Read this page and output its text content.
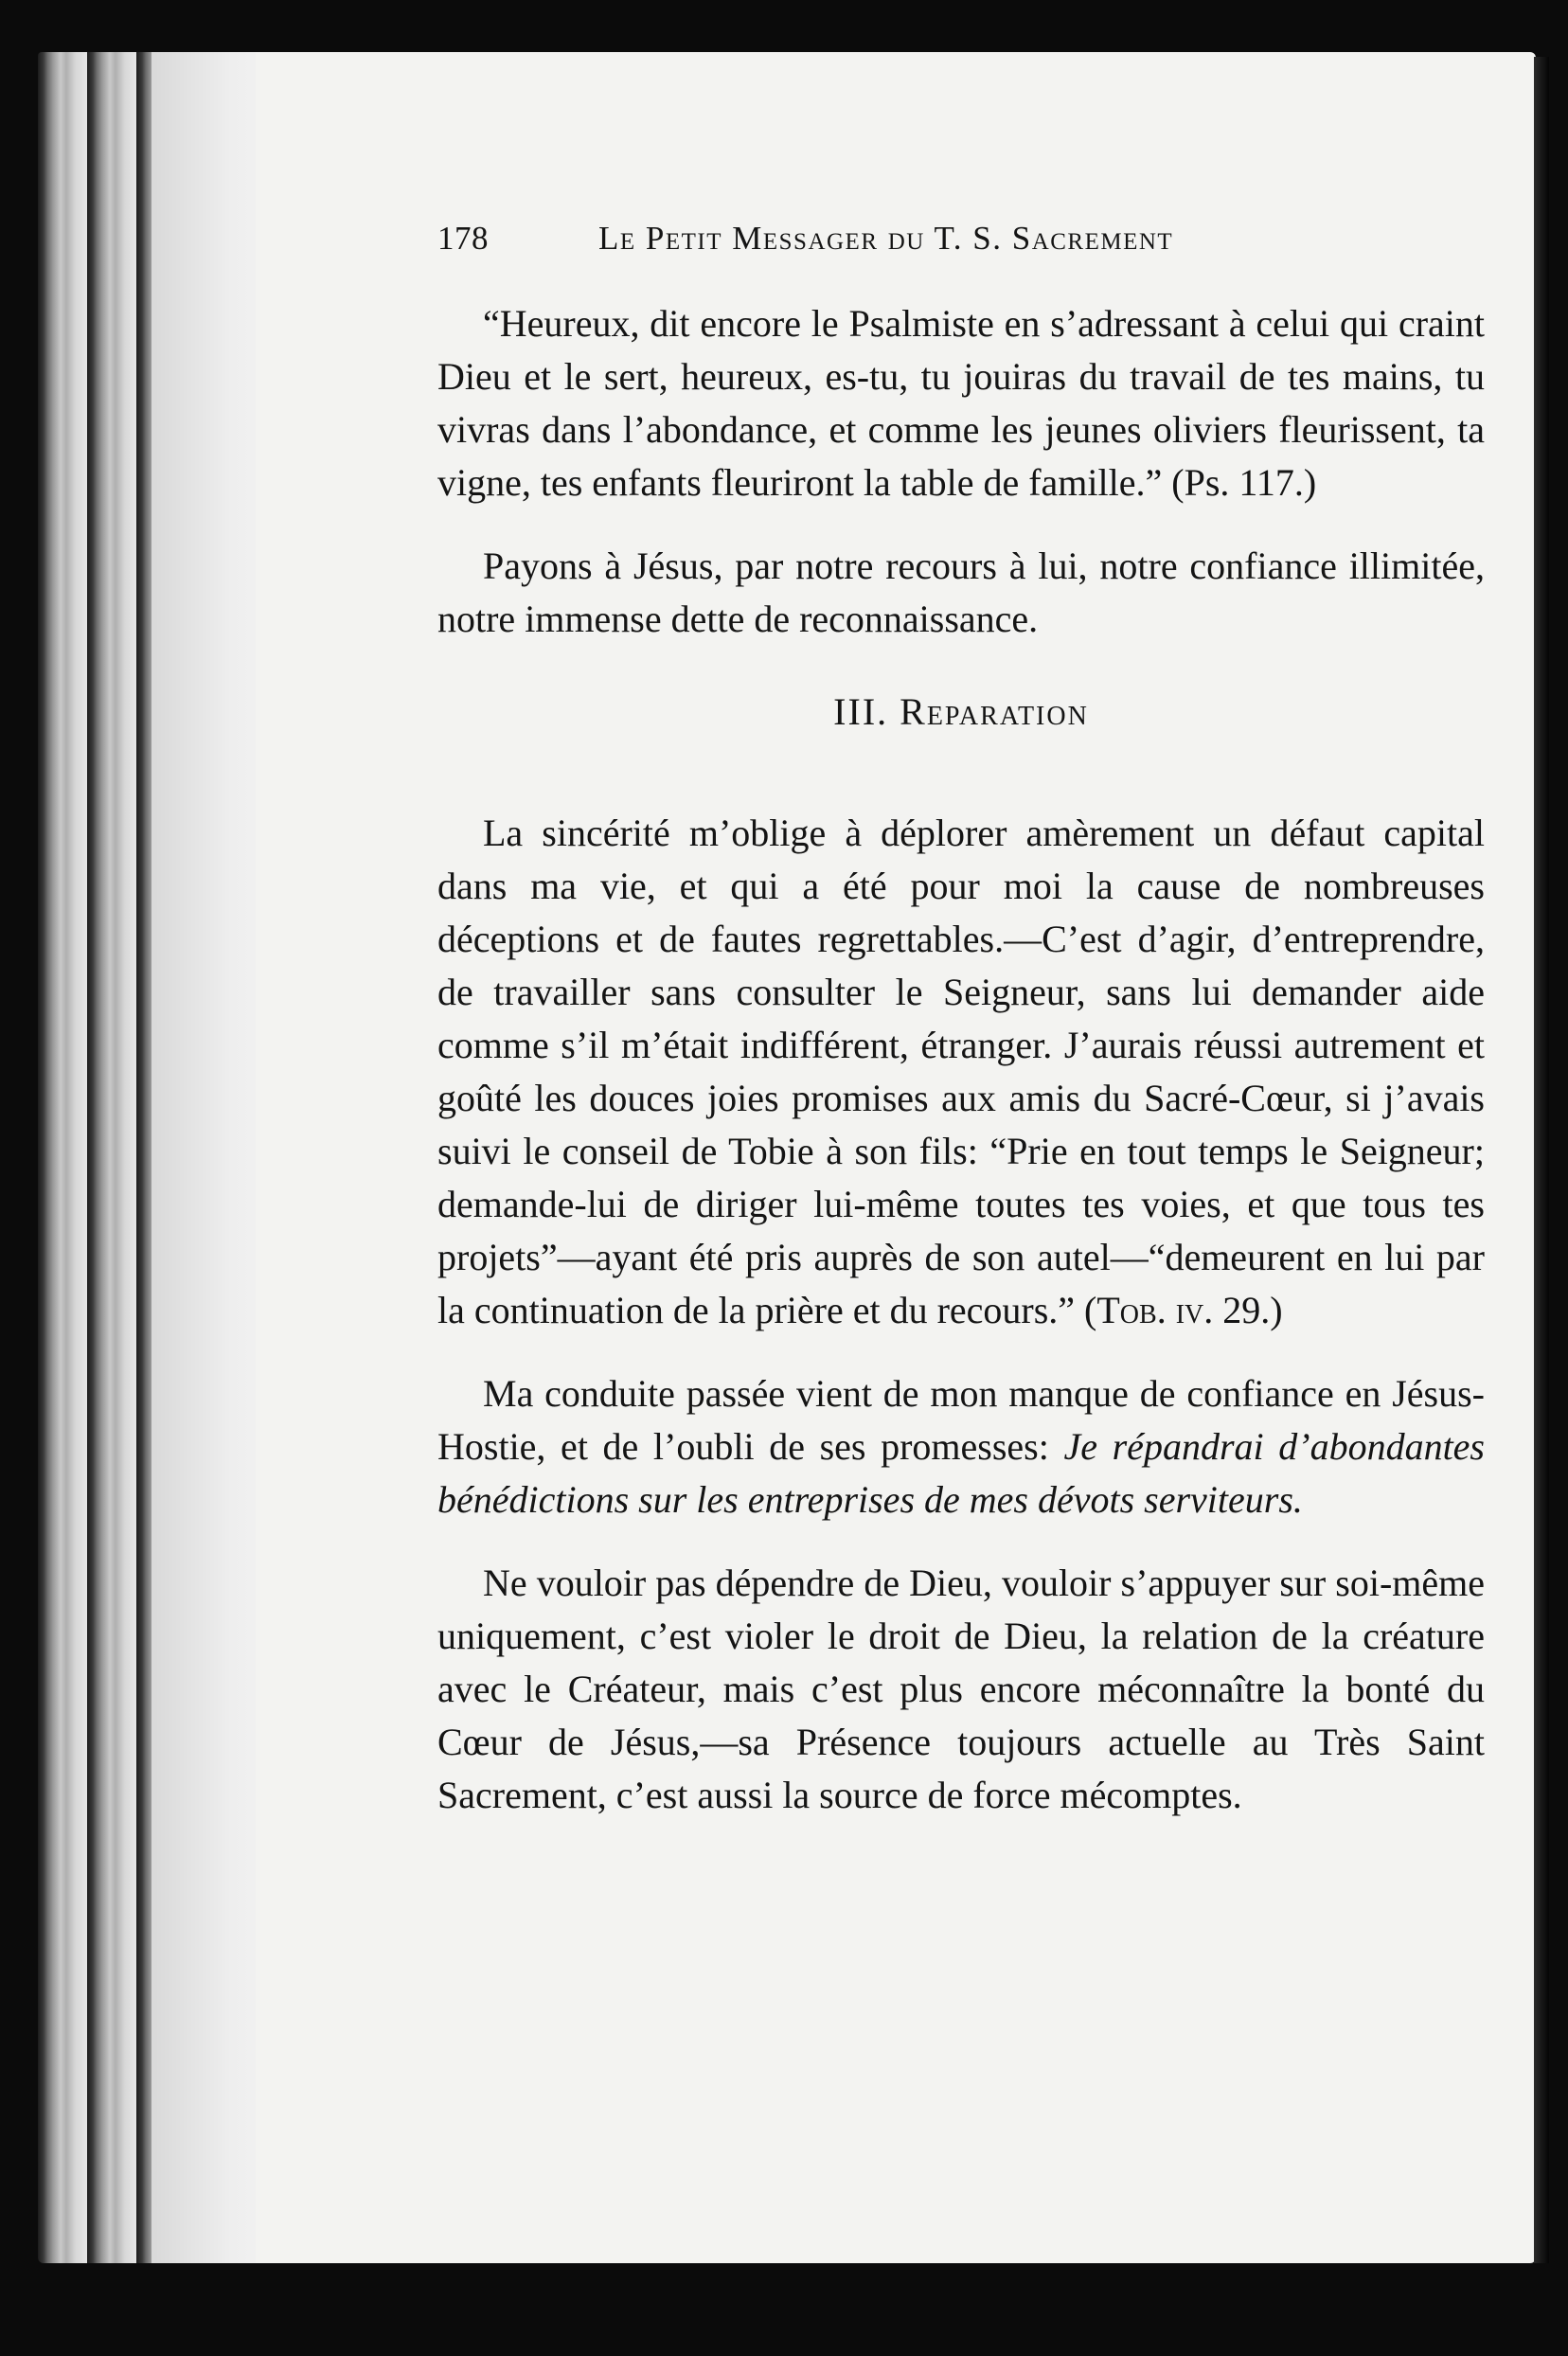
178	Le Petit Messager du T. S. Sacrement

“Heureux, dit encore le Psalmiste en s’adressant à celui qui craint Dieu et le sert, heureux, es-tu, tu jouiras du travail de tes mains, tu vivras dans l’abondance, et comme les jeunes oliviers fleurissent, ta vigne, tes enfants fleuriront la table de famille.” (Ps. 117.)

Payons à Jésus, par notre recours à lui, notre confiance illimitée, notre immense dette de reconnaissance.

III. Reparation

La sincérité m’oblige à déplorer amèrement un défaut capital dans ma vie, et qui a été pour moi la cause de nombreuses déceptions et de fautes regrettables.—C’est d’agir, d’entreprendre, de travailler sans consulter le Seigneur, sans lui demander aide comme s’il m’était indifférent, étranger. J’aurais réussi autrement et goûté les douces joies promises aux amis du Sacré-Cœur, si j’avais suivi le conseil de Tobie à son fils: “Prie en tout temps le Seigneur; demande-lui de diriger lui-même toutes tes voies, et que tous tes projets”—ayant été pris auprès de son autel—“demeurent en lui par la continuation de la prière et du recours.” (Tob. iv. 29.)

Ma conduite passée vient de mon manque de confiance en Jésus-Hostie, et de l’oubli de ses promesses: Je répandrai d’abondantes bénédictions sur les entreprises de mes dévots serviteurs.

Ne vouloir pas dépendre de Dieu, vouloir s’appuyer sur soi-même uniquement, c’est violer le droit de Dieu, la relation de la créature avec le Créateur, mais c’est plus encore méconnaître la bonté du Cœur de Jésus,—sa Présence toujours actuelle au Très Saint Sacrement, c’est aussi la source de force mécomptes.
